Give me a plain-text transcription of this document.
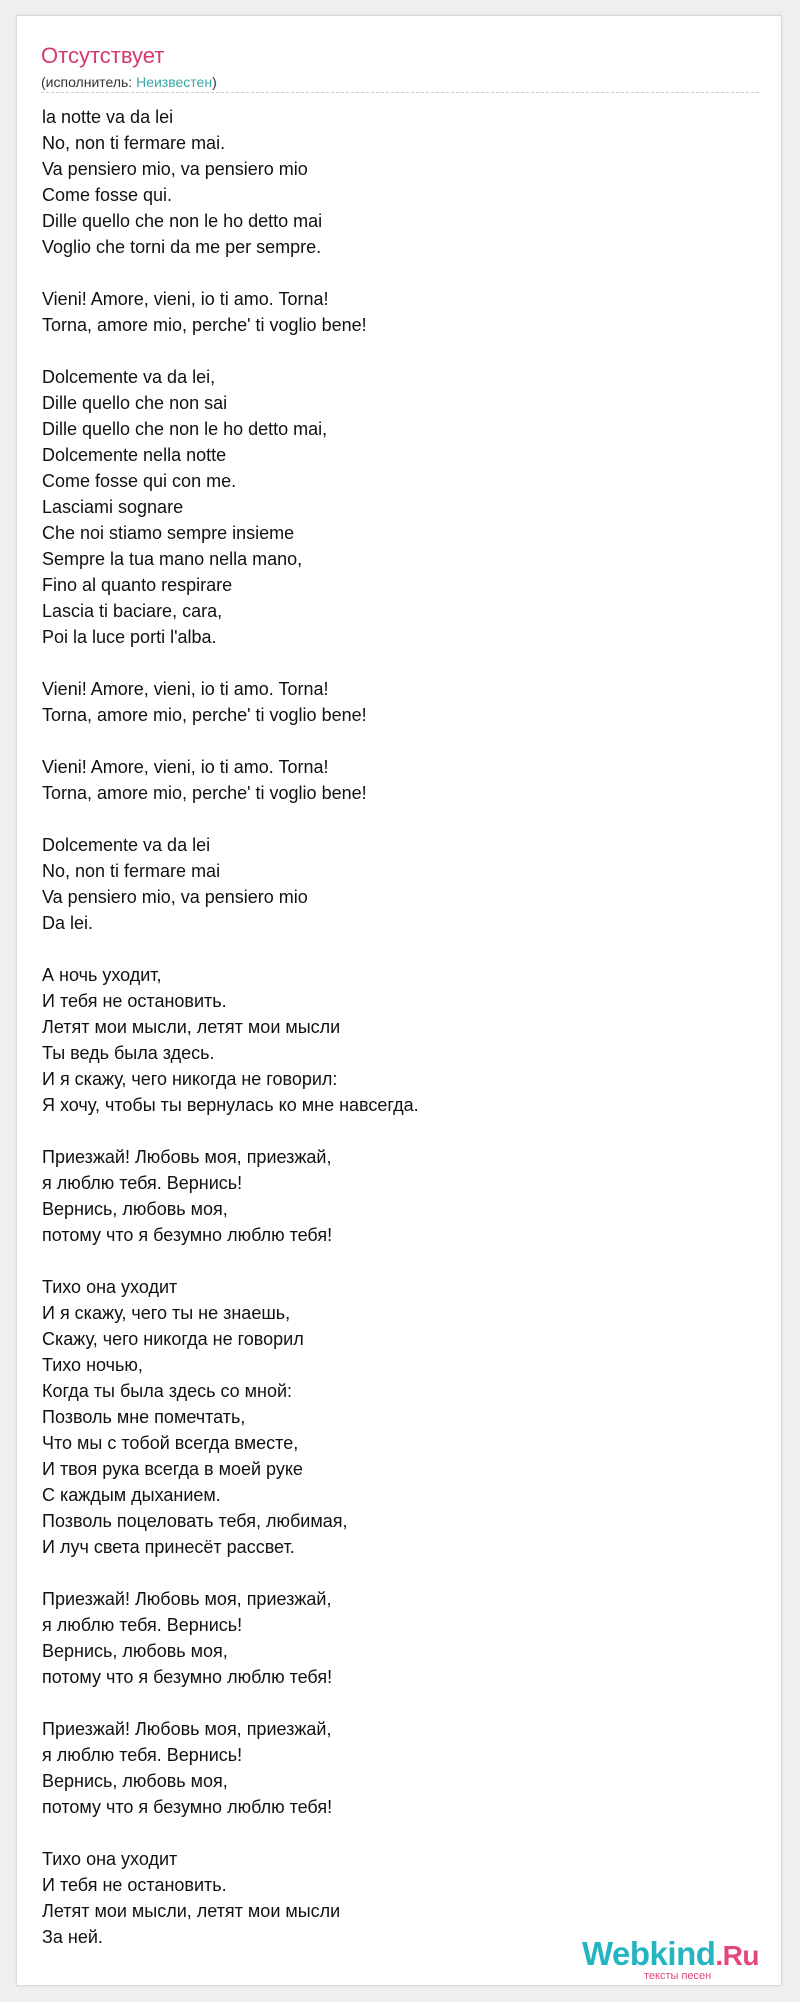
Отсутствует
(исполнитель: Неизвестен)
la notte va da lei
No, non ti fermare mai.
Va pensiero mio, va pensiero mio
Come fosse qui.
Dille quello che non le ho detto mai
Voglio che torni da me per sempre.
Vieni! Amore, vieni, io ti amo. Torna!
Torna, amore mio, perche' ti voglio bene!
Dolcemente va da lei,
Dille quello che non sai
Dille quello che non le ho detto mai,
Dolcemente nella notte
Come fosse qui con me.
Lasciami sognare
Che noi stiamo sempre insieme
Sempre la tua mano nella mano,
Fino al quanto respirare
Lascia ti baciare, cara,
Poi la luce porti l'alba.
Vieni! Amore, vieni, io ti amo. Torna!
Torna, amore mio, perche' ti voglio bene!
Vieni! Amore, vieni, io ti amo. Torna!
Torna, amore mio, perche' ti voglio bene!
Dolcemente va da lei
No, non ti fermare mai
Va pensiero mio, va pensiero mio
Da lei.
А ночь уходит,
И тебя не остановить.
Летят мои мысли, летят мои мысли
Ты ведь была здесь.
И я скажу, чего никогда не говорил:
Я хочу, чтобы ты вернулась ко мне навсегда.
Приезжай! Любовь моя, приезжай,
я люблю тебя. Вернись!
Вернись, любовь моя,
потому что я безумно люблю тебя!
Тихо она уходит
И я скажу, чего ты не знаешь,
Скажу, чего никогда не говорил
Тихо ночью,
Когда ты была здесь со мной:
Позволь мне помечтать,
Что мы с тобой всегда вместе,
И твоя рука всегда в моей руке
С каждым дыханием.
Позволь поцеловать тебя, любимая,
И луч света принесёт рассвет.
Приезжай! Любовь моя, приезжай,
я люблю тебя. Вернись!
Вернись, любовь моя,
потому что я безумно люблю тебя!
Приезжай! Любовь моя, приезжай,
я люблю тебя. Вернись!
Вернись, любовь моя,
потому что я безумно люблю тебя!
Тихо она уходит
И тебя не остановить.
Летят мои мысли, летят мои мысли
За ней.	Webkind.Ru
тексты песен
